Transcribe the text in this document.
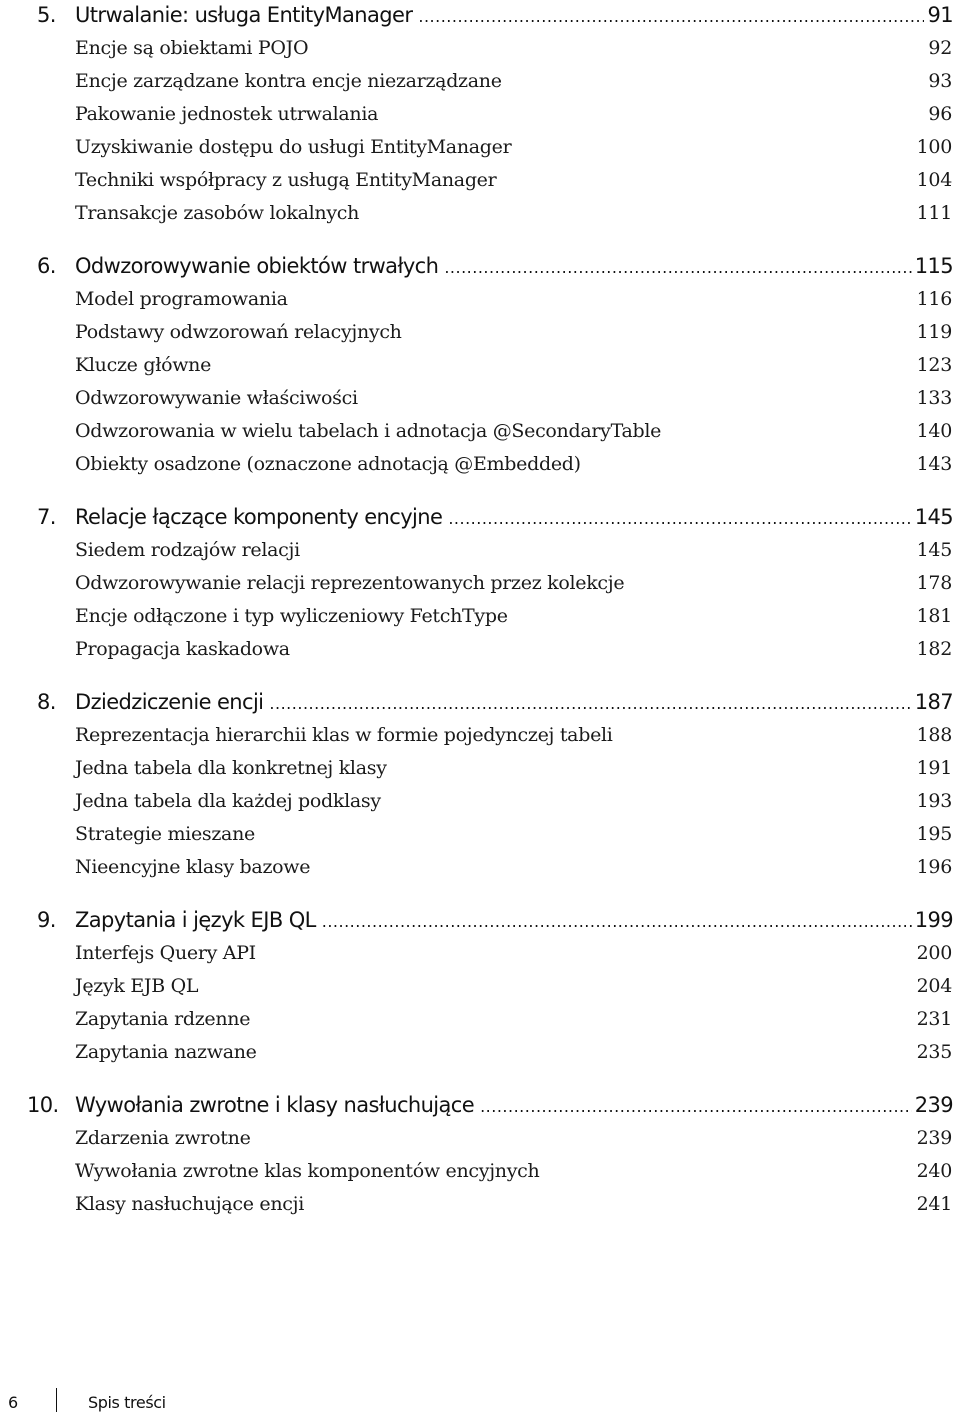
5. Utrwalanie: usługa EntityManager .....	91
Encje są obiektami POJO	92
Encje zarządzane kontra encje niezarządzane	93
Pakowanie jednostek utrwalania	96
Uzyskiwanie dostępu do usługi EntityManager	100
Techniki współpracy z usługą EntityManager	104
Transakcje zasobów lokalnych	111
6. Odwzorowywanie obiektów trwałych .....	115
Model programowania	116
Podstawy odwzorowań relacyjnych	119
Klucze główne	123
Odwzorowywanie właściwości	133
Odwzorowania w wielu tabelach i adnotacja @SecondaryTable	140
Obiekty osadzone (oznaczone adnotacją @Embedded)	143
7. Relacje łączące komponenty encyjne .....	145
Siedem rodzajów relacji	145
Odwzorowywanie relacji reprezentowanych przez kolekcje	178
Encje odłączone i typ wyliczeniowy FetchType	181
Propagacja kaskadowa	182
8. Dziedziczenie encji .....	187
Reprezentacja hierarchii klas w formie pojedynczej tabeli	188
Jedna tabela dla konkretnej klasy	191
Jedna tabela dla każdej podklasy	193
Strategie mieszane	195
Nieencyjne klasy bazowe	196
9. Zapytania i język EJB QL .....	199
Interfejs Query API	200
Język EJB QL	204
Zapytania rdzenne	231
Zapytania nazwane	235
10. Wywołania zwrotne i klasy nasłuchujące .....	239
Zdarzenia zwrotne	239
Wywołania zwrotne klas komponentów encyjnych	240
Klasy nasłuchujące encji	241
6	Spis treści
